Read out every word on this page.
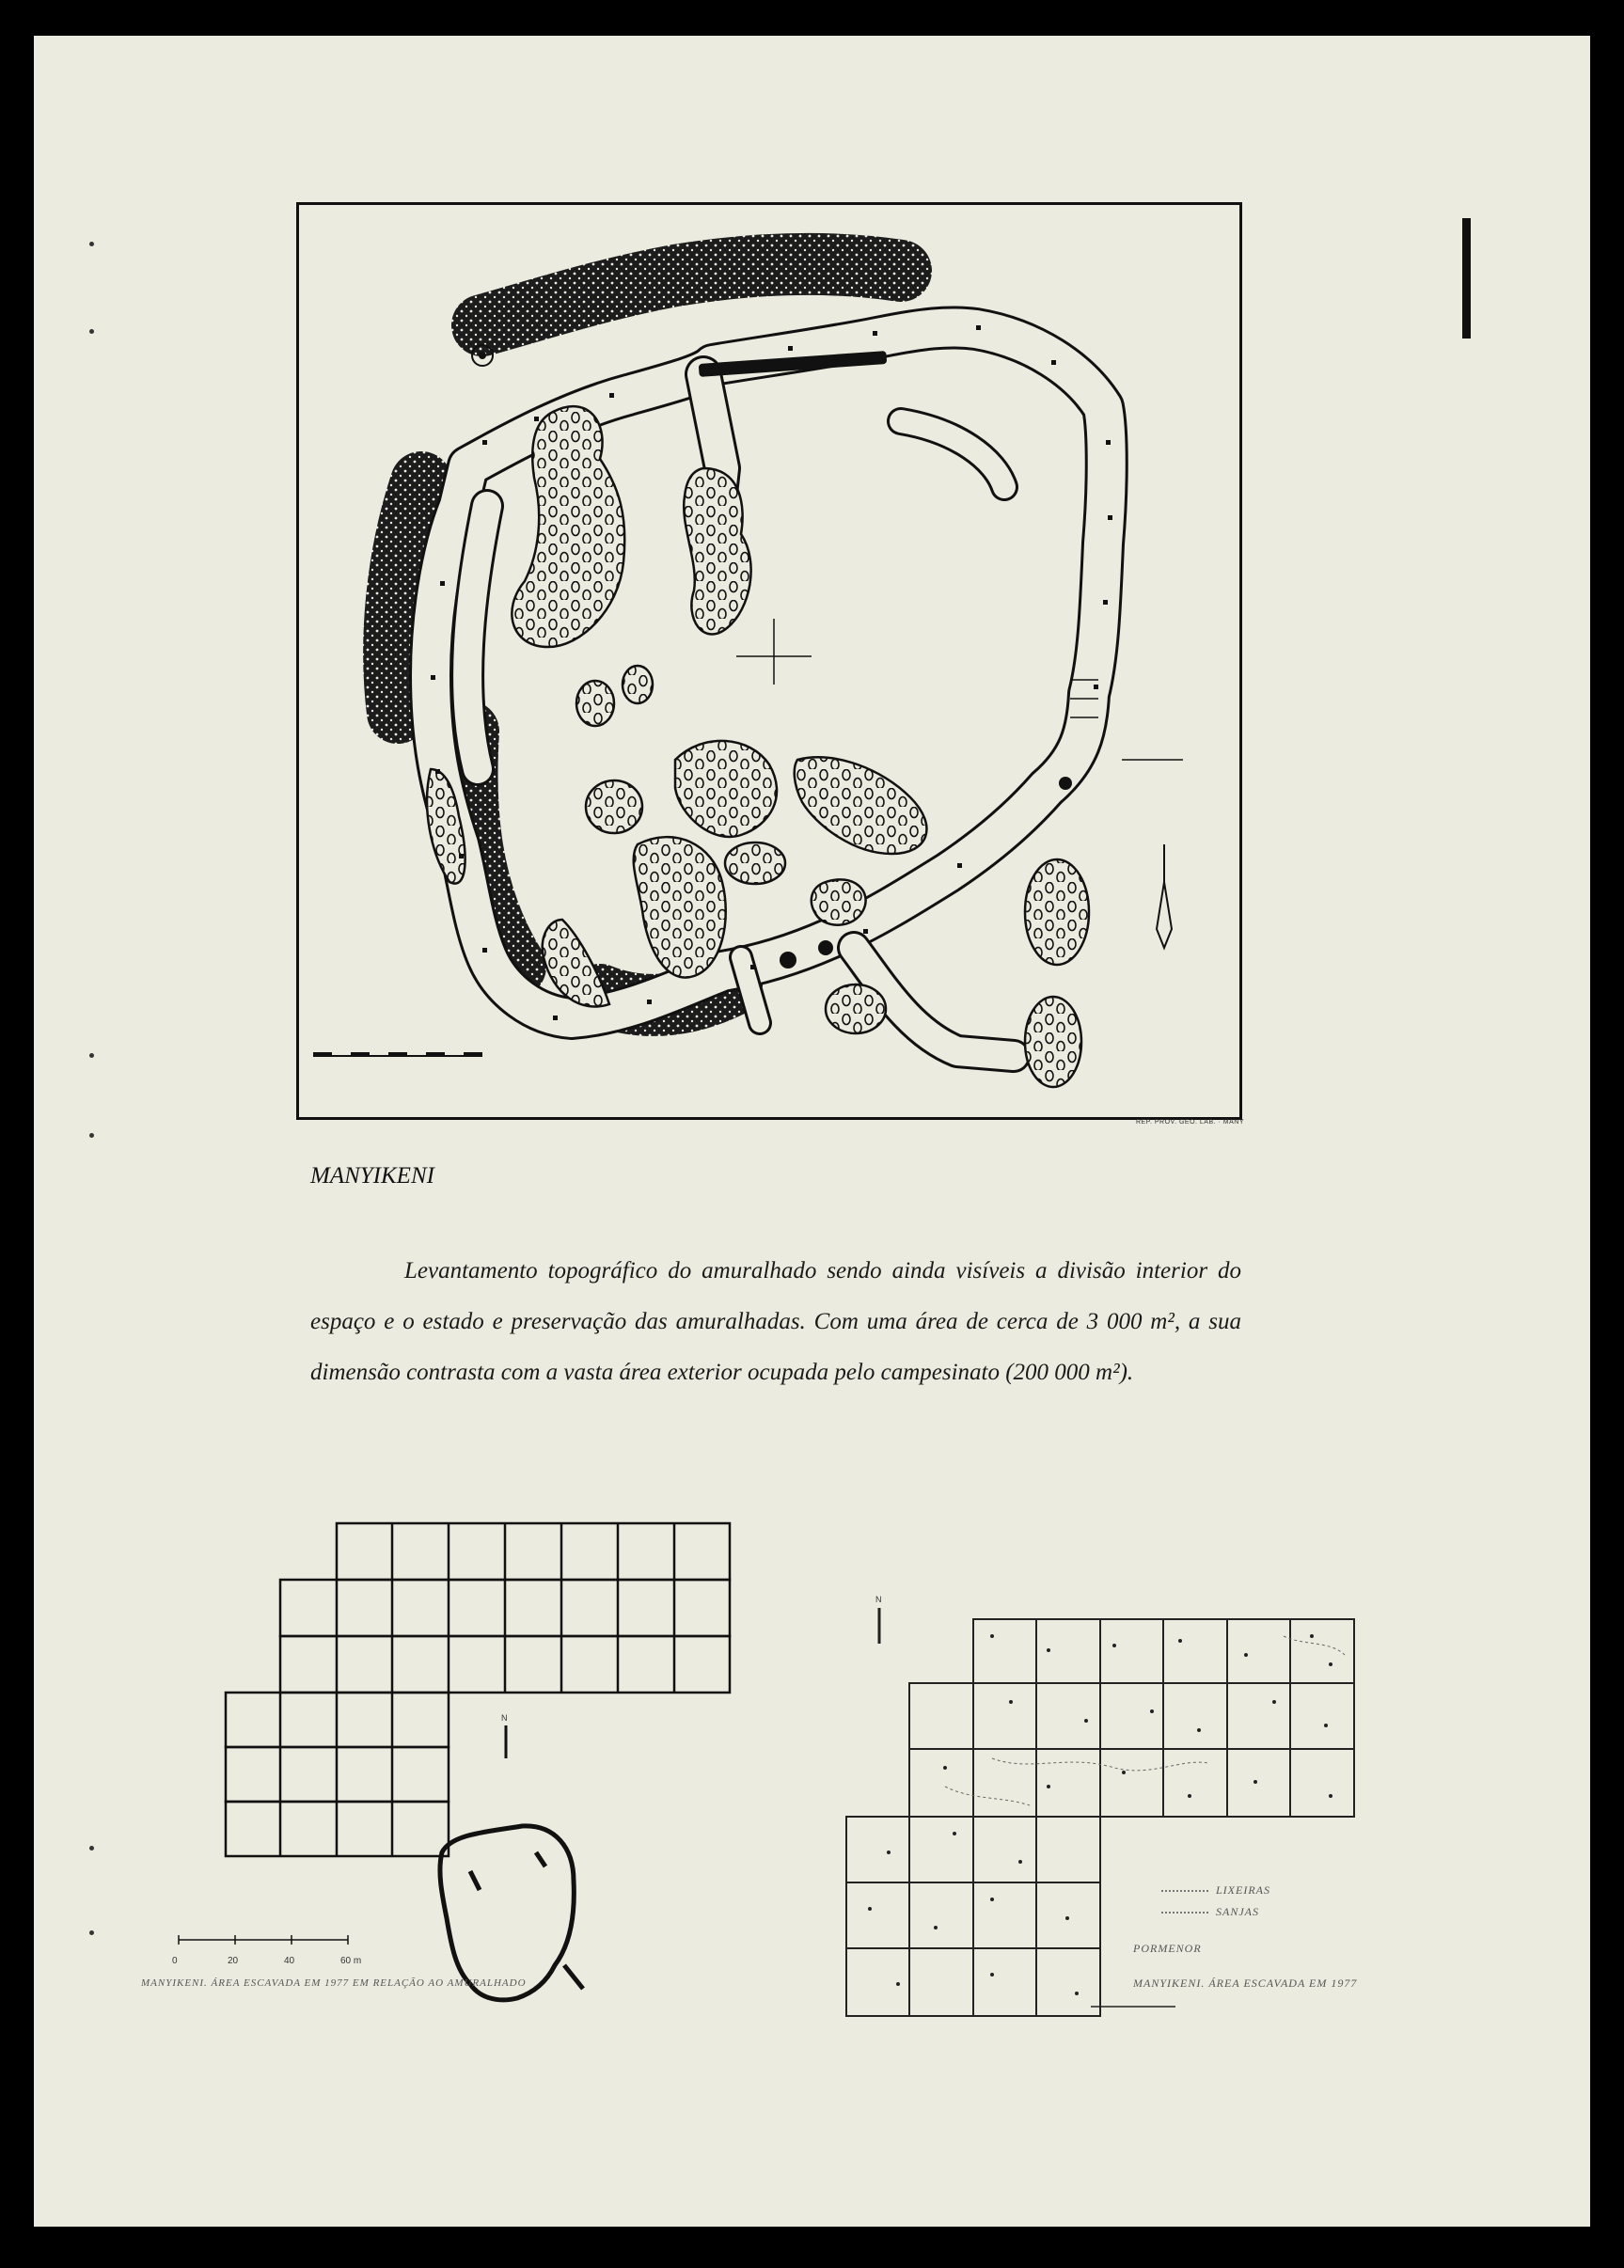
REP. PROV. GEO. LAB. · MANY
MANYIKENI
Levantamento topográfico do amuralhado sendo ainda visíveis a divisão interior do espaço e o estado e preservação das amuralhadas. Com uma área de cerca de 3 000 m², a sua dimensão contrasta com a vasta área exterior ocupada pelo campesinato (200 000 m²).
0	20	40	60 m
N
MANYIKENI. ÁREA ESCAVADA EM 1977 EM RELAÇÃO AO AMURALHADO
N
LIXEIRAS
SANJAS
PORMENOR
MANYIKENI. ÁREA ESCAVADA EM 1977
